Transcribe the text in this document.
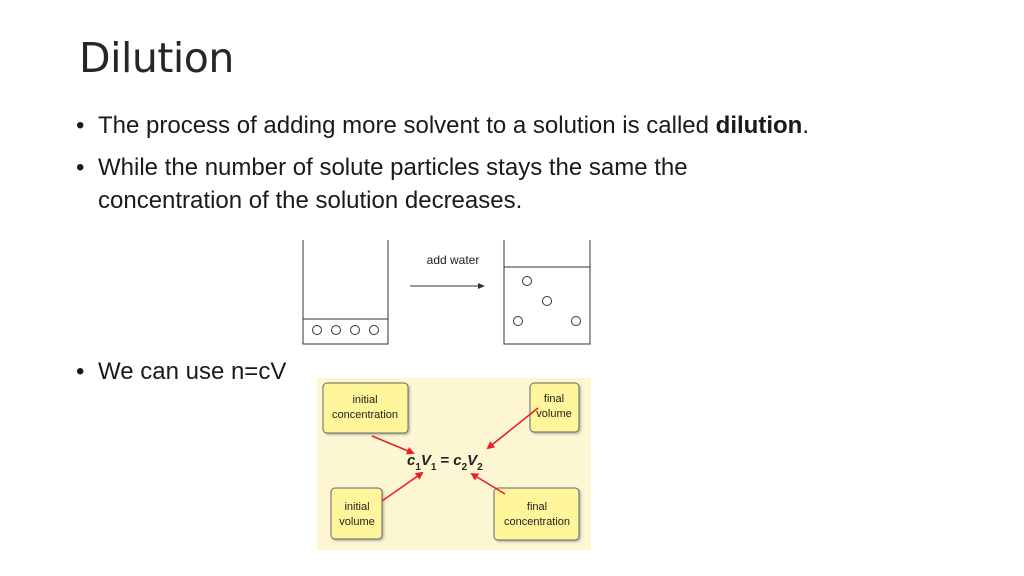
Dilution
• The process of adding more solvent to a solution is called dilution.
• While the number of solute particles stays the same the
concentration of the solution decreases.
• We can use n=cV
add water
initial
concentration
final
volume
initial
volume
final
concentration
$c_1V_1 = c_2V_2$
